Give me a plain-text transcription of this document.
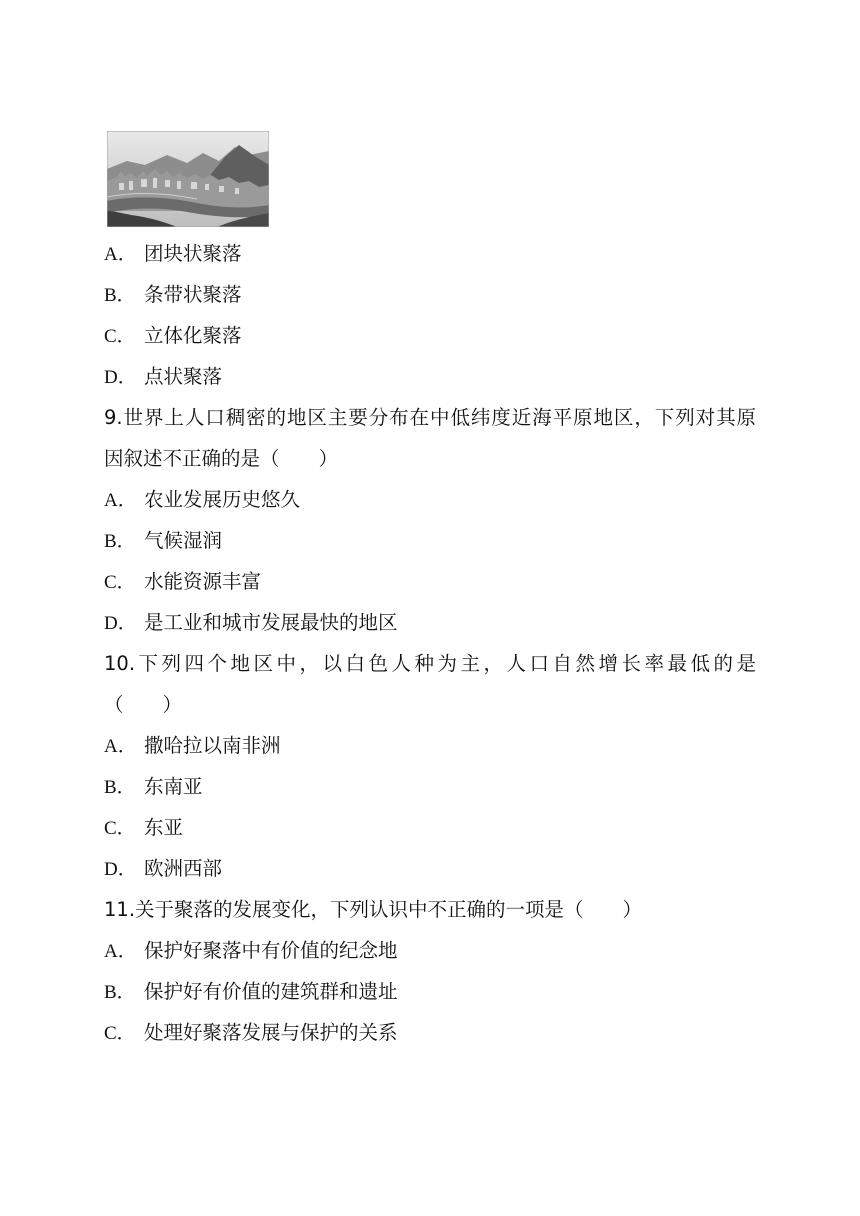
A． 团块状聚落
B． 条带状聚落
C． 立体化聚落
D． 点状聚落
9.世界上人口稠密的地区主要分布在中低纬度近海平原地区，下列对其原
因叙述不正确的是（　　）
A． 农业发展历史悠久
B． 气候湿润
C． 水能资源丰富
D． 是工业和城市发展最快的地区
10.下列四个地区中，以白色人种为主，人口自然增长率最低的是
（　　）
A． 撒哈拉以南非洲
B． 东南亚
C． 东亚
D． 欧洲西部
11.关于聚落的发展变化，下列认识中不正确的一项是（　　）
A． 保护好聚落中有价值的纪念地
B． 保护好有价值的建筑群和遗址
C． 处理好聚落发展与保护的关系
